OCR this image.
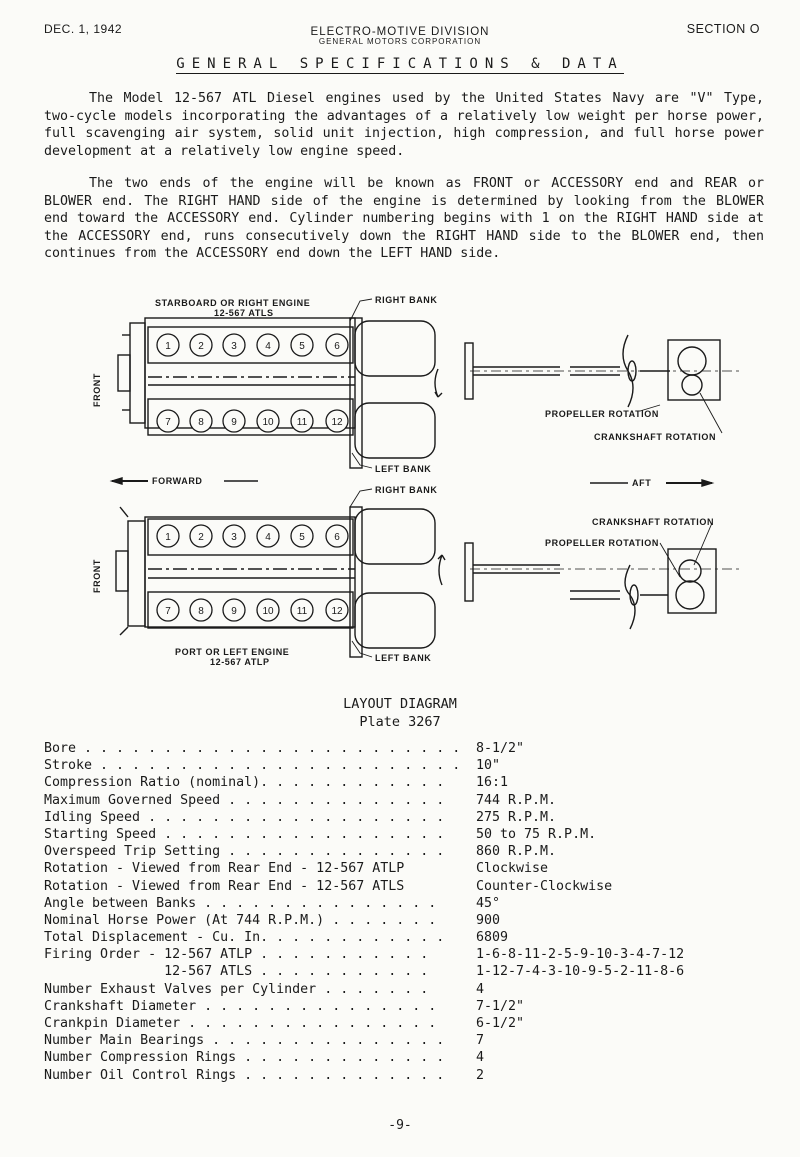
DEC. 1, 1942	ELECTRO-MOTIVE DIVISION
GENERAL MOTORS CORPORATION
SECTION O
GENERAL SPECIFICATIONS & DATA

The Model 12-567 ATL Diesel engines used by the United States Navy are "V" Type, two-cycle models incorporating the advantages of a relatively low weight per horse power, full scavenging air system, solid unit injection, high compression, and full horse power development at a relatively low engine speed.

The two ends of the engine will be known as FRONT or ACCESSORY end and REAR or BLOWER end. The RIGHT HAND side of the engine is determined by looking from the BLOWER end toward the ACCESSORY end. Cylinder numbering begins with 1 on the RIGHT HAND side at the ACCESSORY end, runs consecutively down the RIGHT HAND side to the BLOWER end, then continues from the ACCESSORY end down the LEFT HAND side.

1	2	3	4	5	6
7	8	9	10 11 12
1	2	3	4	5	6
7	8	9	10 11 12
STARBOARD OR RIGHT ENGINE
12-567 ATLS
RIGHT BANK
LEFT BANK
RIGHT BANK
LEFT BANK
PORT OR LEFT ENGINE
12-567 ATLP
FRONT
FRONT
FORWARD	AFT
PROPELLER ROTATION
CRANKSHAFT ROTATION
CRANKSHAFT ROTATION
PROPELLER ROTATION
LAYOUT DIAGRAM
Plate 3267
Bore . . . . . . . . . . . . . . . . . . . . . . . . 8-1/2"
Stroke . . . . . . . . . . . . . . . . . . . . . . . 10"
Compression Ratio (nominal). . . . . . . . . . . . 16:1
Maximum Governed Speed . . . . . . . . . . . . . . 744 R.P.M.
Idling Speed . . . . . . . . . . . . . . . . . . . 275 R.P.M.
Starting Speed . . . . . . . . . . . . . . . . . . 50 to 75 R.P.M.
Overspeed Trip Setting . . . . . . . . . . . . . . 860 R.P.M.
Rotation - Viewed from Rear End - 12-567 ATLP	Clockwise
Rotation - Viewed from Rear End - 12-567 ATLS	Counter-Clockwise
Angle between Banks . . . . . . . . . . . . . . .	45°
Nominal Horse Power (At 744 R.P.M.) . . . . . . .	900
Total Displacement - Cu. In. . . . . . . . . . . . 6809
Firing Order - 12-567 ATLP . . . . . . . . . . .	1-6-8-11-2-5-9-10-3-4-7-12
12-567 ATLS . . . . . . . . . . .	1-12-7-4-3-10-9-5-2-11-8-6
Number Exhaust Valves per Cylinder . . . . . . .	4
Crankshaft Diameter . . . . . . . . . . . . . . .	7-1/2"
Crankpin Diameter . . . . . . . . . . . . . . . .	6-1/2"
Number Main Bearings . . . . . . . . . . . . . . . 7
Number Compression Rings . . . . . . . . . . . . . 4
Number Oil Control Rings . . . . . . . . . . . . . 2
-9-
